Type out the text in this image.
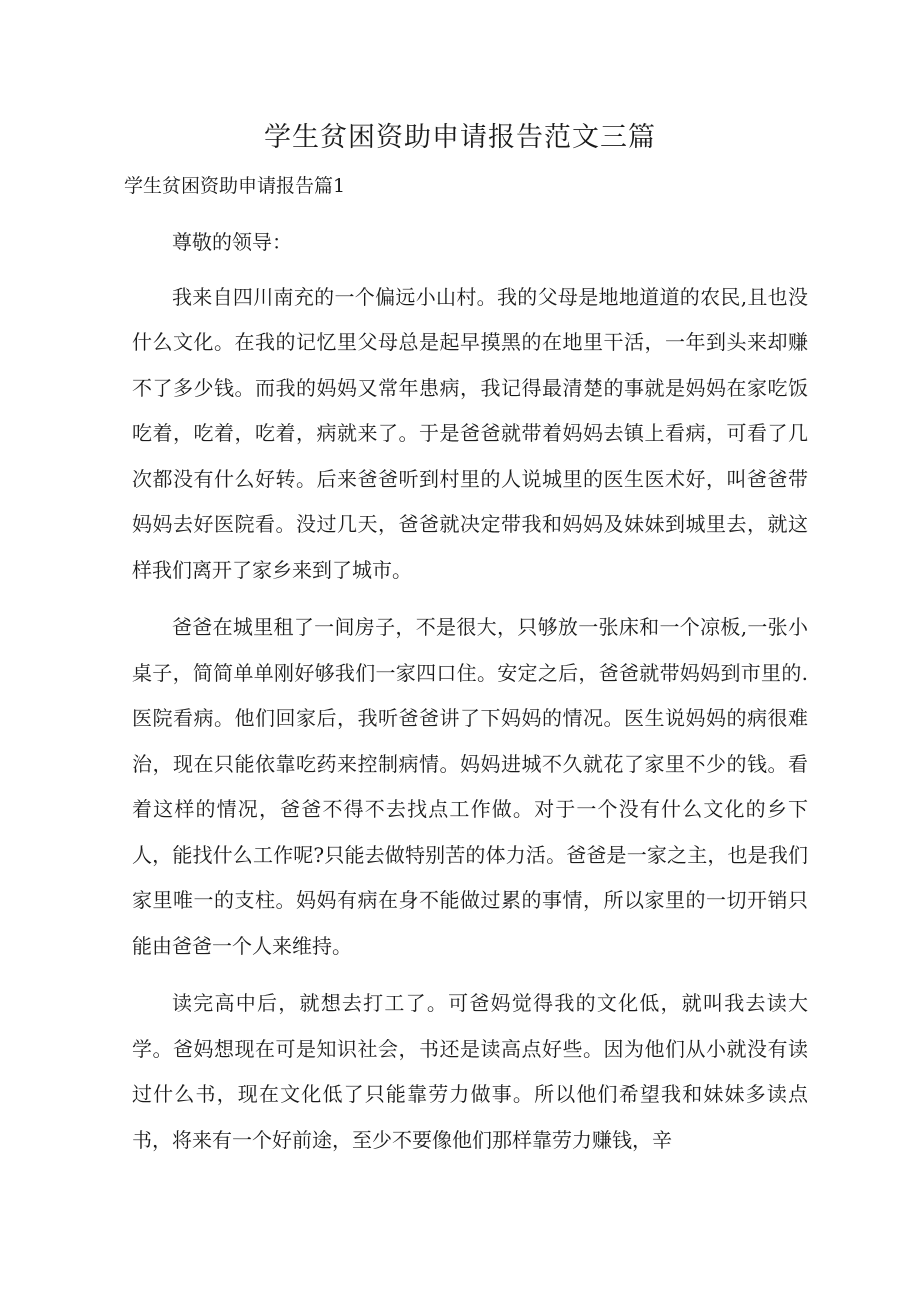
学生贫困资助申请报告范文三篇
学生贫困资助申请报告篇1

尊敬的领导：

我来自四川南充的一个偏远小山村。我的父母是地地道道的农民,且也没什么文化。在我的记忆里父母总是起早摸黑的在地里干活，一年到头来却赚不了多少钱。而我的妈妈又常年患病，我记得最清楚的事就是妈妈在家吃饭吃着，吃着，吃着，病就来了。于是爸爸就带着妈妈去镇上看病，可看了几次都没有什么好转。后来爸爸听到村里的人说城里的医生医术好，叫爸爸带妈妈去好医院看。没过几天，爸爸就决定带我和妈妈及妹妹到城里去，就这样我们离开了家乡来到了城市。

爸爸在城里租了一间房子，不是很大，只够放一张床和一个凉板,一张小桌子，简简单单刚好够我们一家四口住。安定之后，爸爸就带妈妈到市里的.医院看病。他们回家后，我听爸爸讲了下妈妈的情况。医生说妈妈的病很难治，现在只能依靠吃药来控制病情。妈妈进城不久就花了家里不少的钱。看着这样的情况，爸爸不得不去找点工作做。对于一个没有什么文化的乡下人，能找什么工作呢?只能去做特别苦的体力活。爸爸是一家之主，也是我们家里唯一的支柱。妈妈有病在身不能做过累的事情，所以家里的一切开销只能由爸爸一个人来维持。

读完高中后，就想去打工了。可爸妈觉得我的文化低，就叫我去读大学。爸妈想现在可是知识社会，书还是读高点好些。因为他们从小就没有读过什么书，现在文化低了只能靠劳力做事。所以他们希望我和妹妹多读点书，将来有一个好前途，至少不要像他们那样靠劳力赚钱，辛
